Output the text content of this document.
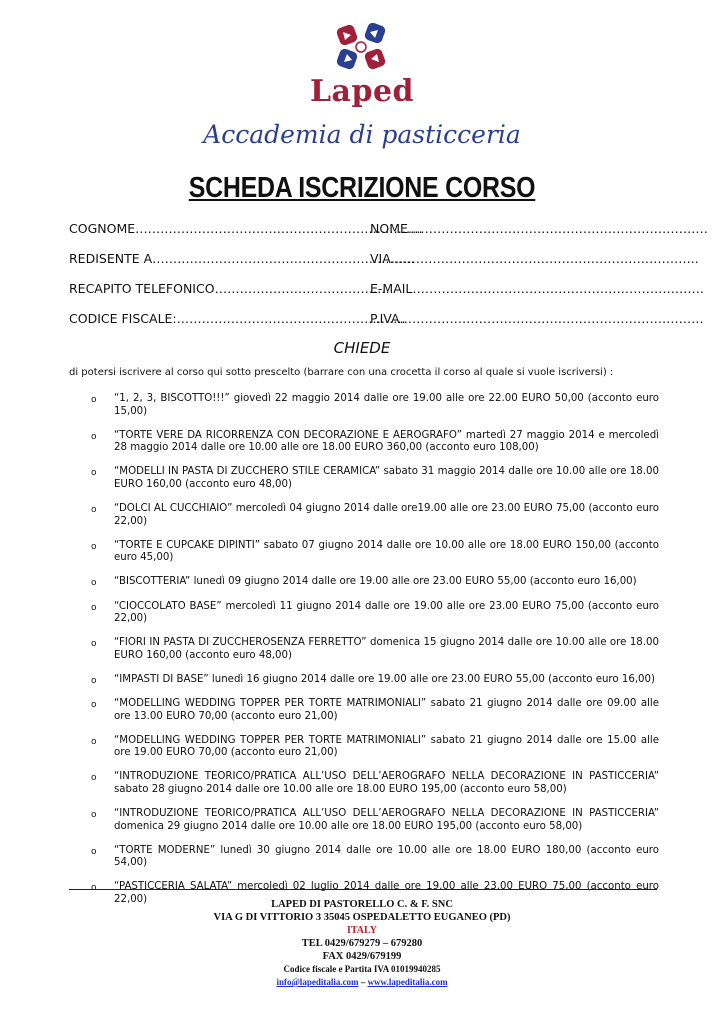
Laped
Accademia di pasticceria
SCHEDA ISCRIZIONE CORSO
COGNOME……………………………………………………………
NOME………………………………………………………………
REDISENTE A………………………………………………………
VIA………………………………………………………………..
RECAPITO TELEFONICO……………………………………
E-MAIL…………………………………………………………….
CODICE FISCALE:……………………………………………….
P.IVA……………………………………………………………….
CHIEDE
di potersi iscrivere al corso qui sotto prescelto (barrare con una crocetta il corso al quale si vuole iscriversi) :
o “1, 2, 3, BISCOTTO!!!” giovedì 22 maggio 2014 dalle ore 19.00 alle ore 22.00 EURO 50,00 (acconto euro 15,00)
o “TORTE VERE DA RICORRENZA CON DECORAZIONE E AEROGRAFO” martedì 27 maggio 2014 e mercoledì 28 maggio 2014 dalle ore 10.00 alle ore 18.00 EURO 360,00 (acconto euro 108,00)
o “MODELLI IN PASTA DI ZUCCHERO STILE CERAMICA” sabato 31 maggio 2014 dalle ore 10.00 alle ore 18.00 EURO 160,00 (acconto euro 48,00)
o “DOLCI AL CUCCHIAIO” mercoledì 04 giugno 2014 dalle ore19.00 alle ore 23.00 EURO 75,00 (acconto euro 22,00)
o “TORTE E CUPCAKE DIPINTI” sabato 07 giugno 2014 dalle ore 10.00 alle ore 18.00 EURO 150,00 (acconto euro 45,00)
o “BISCOTTERIA” lunedì 09 giugno 2014 dalle ore 19.00 alle ore 23.00 EURO 55,00 (acconto euro 16,00)
o “CIOCCOLATO BASE” mercoledì 11 giugno 2014 dalle ore 19.00 alle ore 23.00 EURO 75,00 (acconto euro 22,00)
o “FIORI IN PASTA DI ZUCCHEROSENZA FERRETTO” domenica 15 giugno 2014 dalle ore 10.00 alle ore 18.00 EURO 160,00 (acconto euro 48,00)
o “IMPASTI DI BASE” lunedì 16 giugno 2014 dalle ore 19.00 alle ore 23.00 EURO 55,00 (acconto euro 16,00)
o “MODELLING WEDDING TOPPER PER TORTE MATRIMONIALI” sabato 21 giugno 2014 dalle ore 09.00 alle ore 13.00 EURO 70,00 (acconto euro 21,00)
o “MODELLING WEDDING TOPPER PER TORTE MATRIMONIALI” sabato 21 giugno 2014 dalle ore 15.00 alle ore 19.00 EURO 70,00 (acconto euro 21,00)
o “INTRODUZIONE TEORICO/PRATICA ALL’USO DELL’AEROGRAFO NELLA DECORAZIONE IN PASTICCERIA” sabato 28 giugno 2014 dalle ore 10.00 alle ore 18.00 EURO 195,00 (acconto euro 58,00)
o “INTRODUZIONE TEORICO/PRATICA ALL’USO DELL’AEROGRAFO NELLA DECORAZIONE IN PASTICCERIA” domenica 29 giugno 2014 dalle ore 10.00 alle ore 18.00 EURO 195,00 (acconto euro 58,00)
o “TORTE MODERNE” lunedì 30 giugno 2014 dalle ore 10.00 alle ore 18.00 EURO 180,00 (acconto euro 54,00)
o “PASTICCERIA SALATA” mercoledì 02 luglio 2014 dalle ore 19.00 alle 23.00 EURO 75,00 (acconto euro 22,00)	LAPED DI PASTORELLO C. & F. SNC
VIA G DI VITTORIO 3 35045 OSPEDALETTO EUGANEO (PD)
ITALY
TEL 0429/679279 – 679280
FAX 0429/679199
Codice fiscale e Partita IVA 01019940285
info@lapeditalia.com – www.lapeditalia.com
